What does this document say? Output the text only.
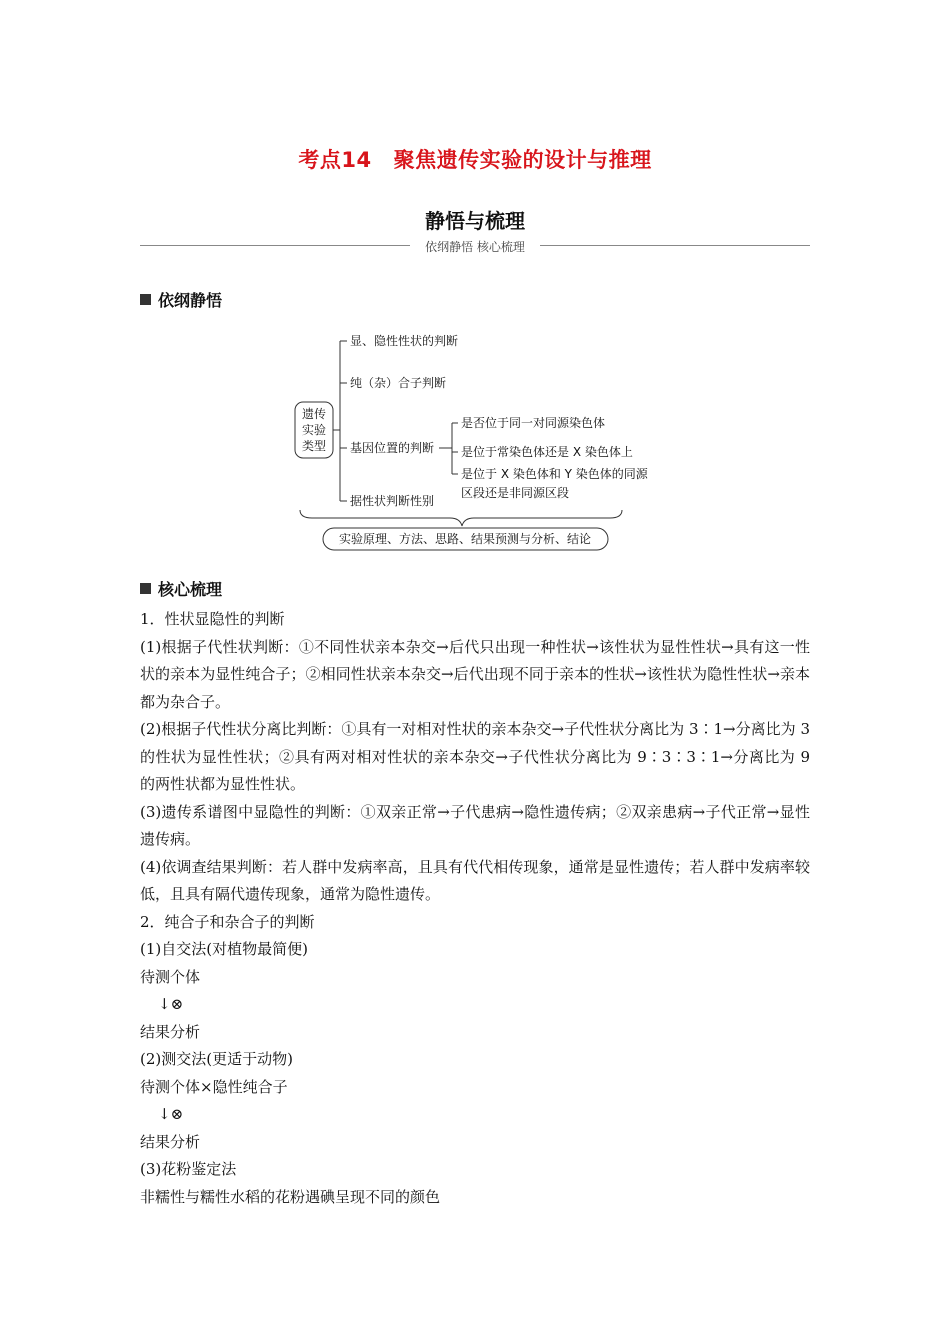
考点14 聚焦遗传实验的设计与推理
静悟与梳理
依纲静悟 核心梳理
依纲静悟
遗传
实验
类型
显、隐性性状的判断
纯（杂）合子判断
基因位置的判断
据性状判断性别
是否位于同一对同源染色体
是位于常染色体还是 X 染色体上
是位于 X 染色体和 Y 染色体的同源
区段还是非同源区段
实验原理、方法、思路、结果预测与分析、结论
核心梳理

1．性状显隐性的判断

(1)根据子代性状判断：①不同性状亲本杂交→后代只出现一种性状→该性状为显性性状→具有这一性状的亲本为显性纯合子；②相同性状亲本杂交→后代出现不同于亲本的性状→该性状为隐性性状→亲本都为杂合子。

(2)根据子代性状分离比判断：①具有一对相对性状的亲本杂交→子代性状分离比为 3∶1→分离比为 3 的性状为显性性状；②具有两对相对性状的亲本杂交→子代性状分离比为 9∶3∶3∶1→分离比为 9 的两性状都为显性性状。

(3)遗传系谱图中显隐性的判断：①双亲正常→子代患病→隐性遗传病；②双亲患病→子代正常→显性遗传病。

(4)依调查结果判断：若人群中发病率高，且具有代代相传现象，通常是显性遗传；若人群中发病率较低，且具有隔代遗传现象，通常为隐性遗传。

2．纯合子和杂合子的判断

(1)自交法(对植物最简便)

待测个体

↓⊗

结果分析

(2)测交法(更适于动物)

待测个体×隐性纯合子

↓⊗

结果分析

(3)花粉鉴定法

非糯性与糯性水稻的花粉遇碘呈现不同的颜色
